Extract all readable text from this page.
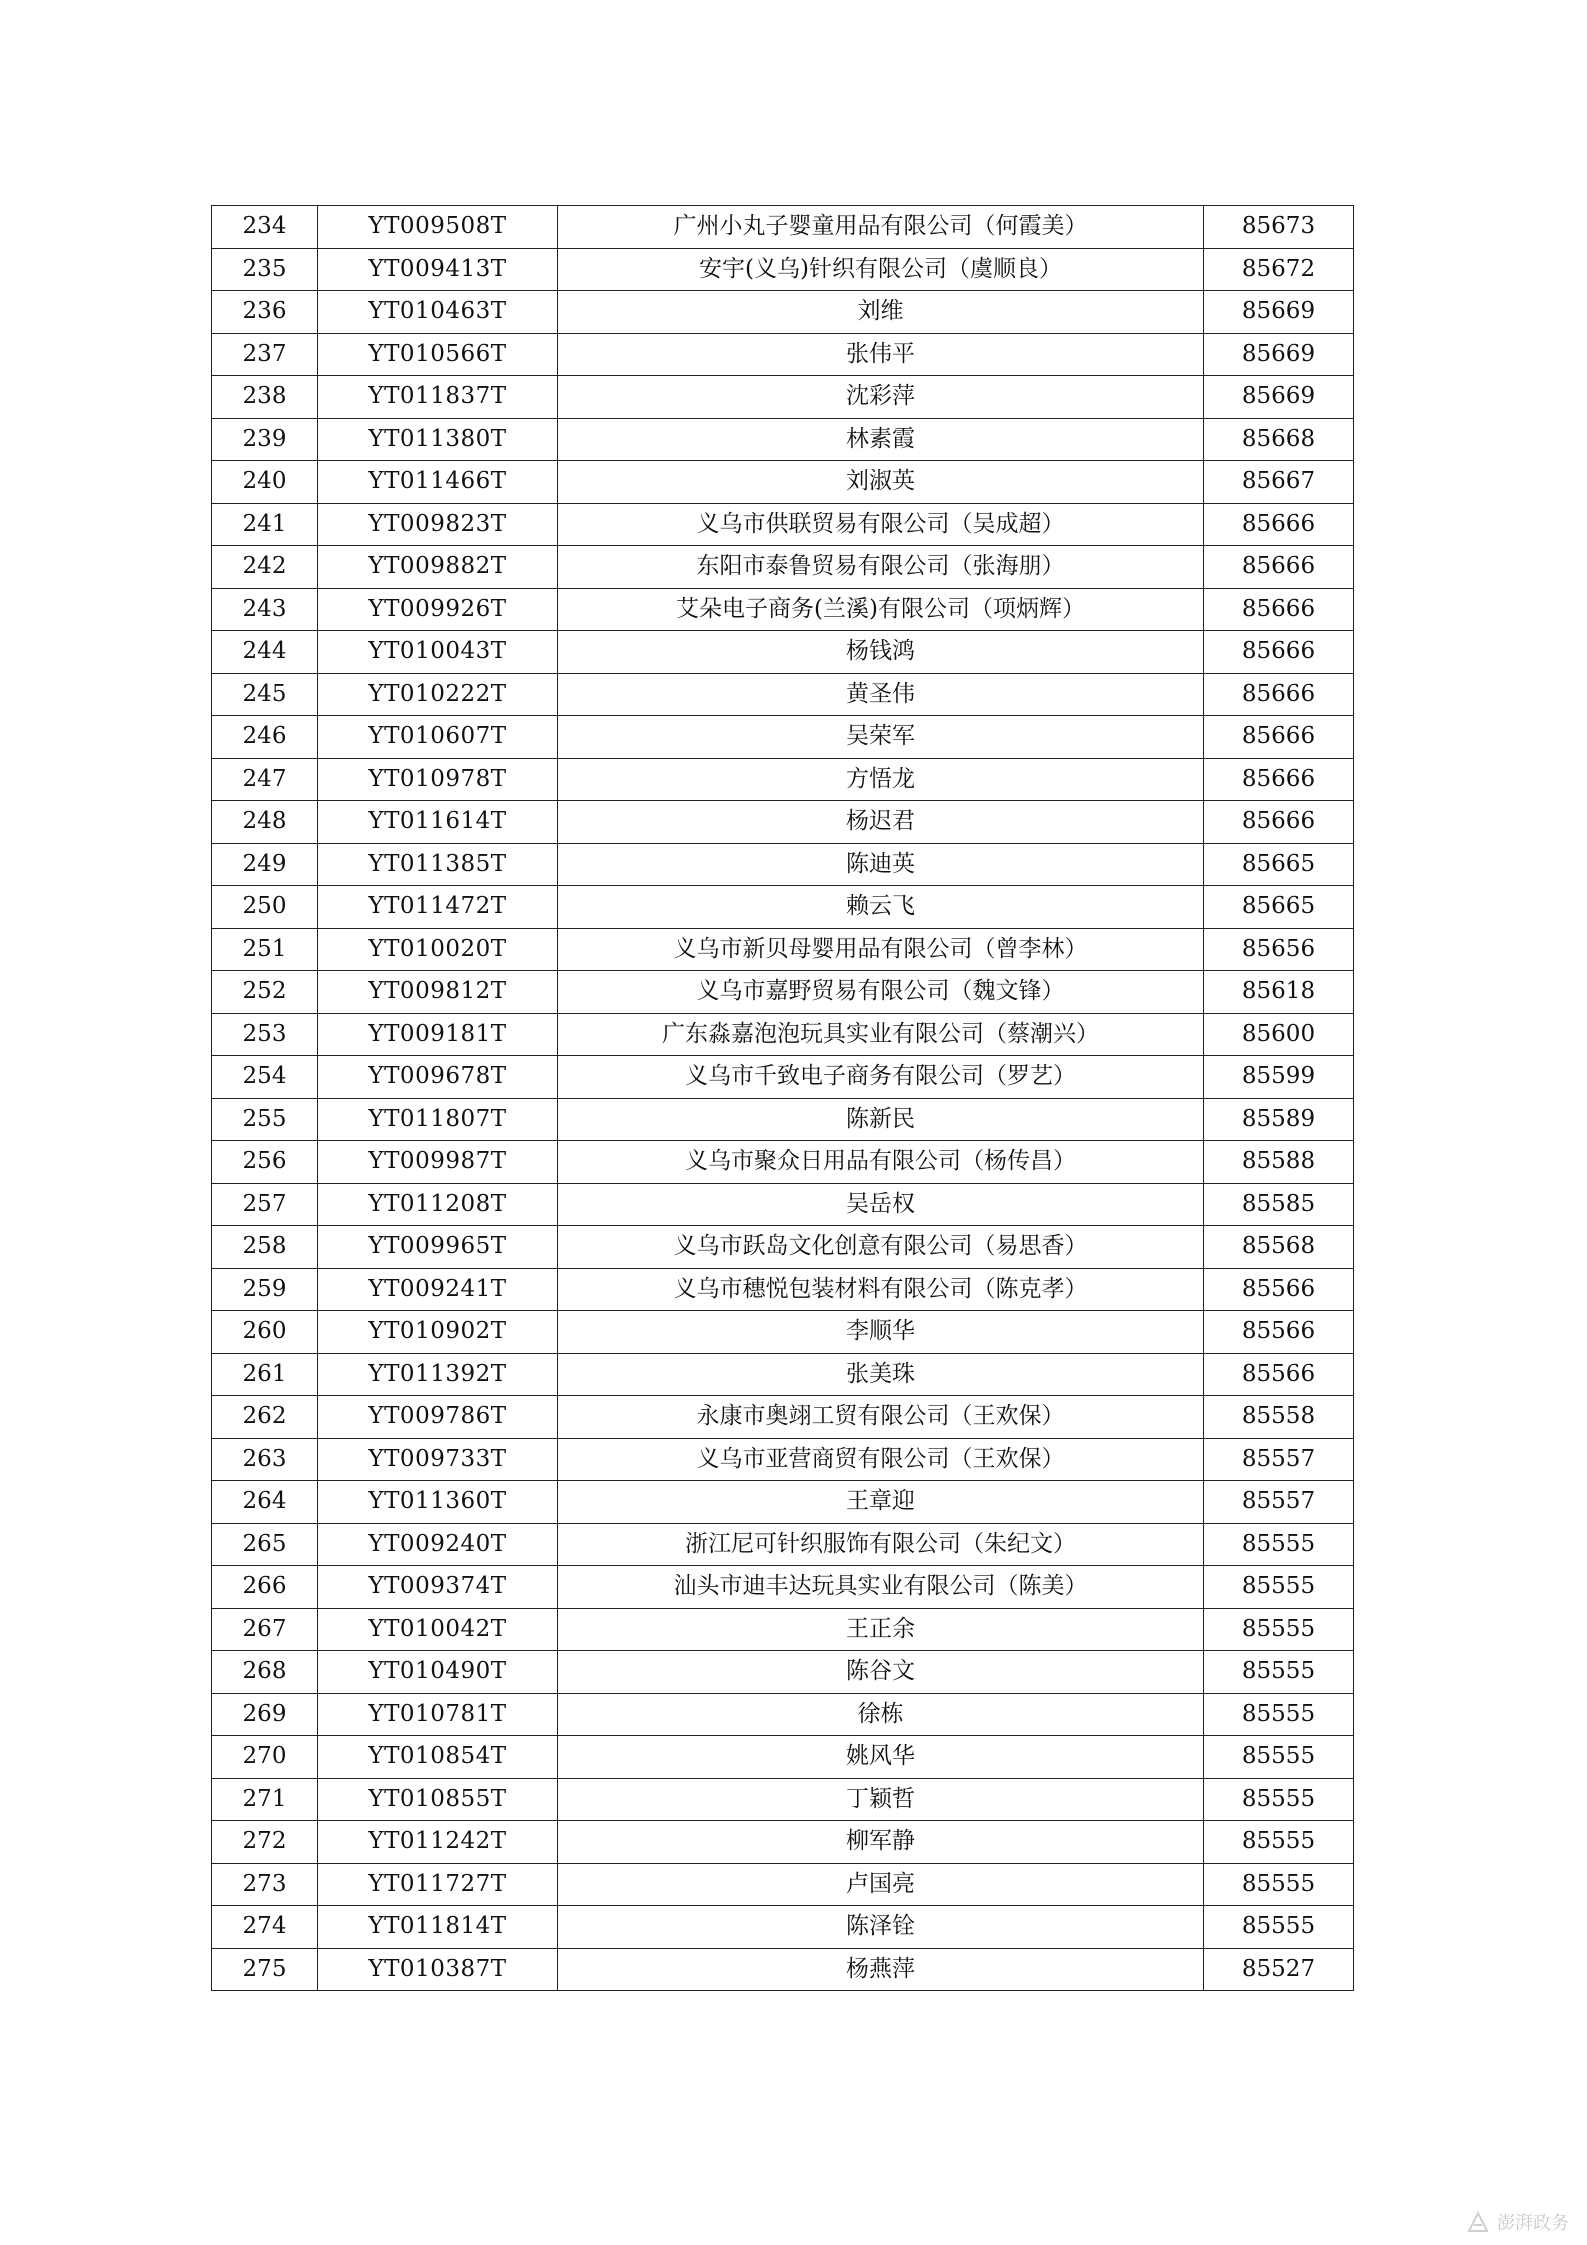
234	YT009508T	广州小丸子婴童用品有限公司（何霞美）	85673
235	YT009413T	安宇(义乌)针织有限公司（虞顺良）	85672
236	YT010463T	刘维	85669
237	YT010566T	张伟平	85669
238	YT011837T	沈彩萍	85669
239	YT011380T	林素霞	85668
240	YT011466T	刘淑英	85667
241	YT009823T	义乌市供联贸易有限公司（吴成超）	85666
242	YT009882T	东阳市泰鲁贸易有限公司（张海朋）	85666
243	YT009926T	艾朵电子商务(兰溪)有限公司（项炳辉）	85666
244	YT010043T	杨钱鸿	85666
245	YT010222T	黄圣伟	85666
246	YT010607T	吴荣军	85666
247	YT010978T	方悟龙	85666
248	YT011614T	杨迟君	85666
249	YT011385T	陈迪英	85665
250	YT011472T	赖云飞	85665
251	YT010020T	义乌市新贝母婴用品有限公司（曾李林）	85656
252	YT009812T	义乌市嘉野贸易有限公司（魏文锋）	85618
253	YT009181T	广东淼嘉泡泡玩具实业有限公司（蔡潮兴）	85600
254	YT009678T	义乌市千致电子商务有限公司（罗艺）	85599
255	YT011807T	陈新民	85589
256	YT009987T	义乌市聚众日用品有限公司（杨传昌）	85588
257	YT011208T	吴岳权	85585
258	YT009965T	义乌市跃岛文化创意有限公司（易思香）	85568
259	YT009241T	义乌市穗悦包装材料有限公司（陈克孝）	85566
260	YT010902T	李顺华	85566
261	YT011392T	张美珠	85566
262	YT009786T	永康市奥翊工贸有限公司（王欢保）	85558
263	YT009733T	义乌市亚营商贸有限公司（王欢保）	85557
264	YT011360T	王章迎	85557
265	YT009240T	浙江尼可针织服饰有限公司（朱纪文）	85555
266	YT009374T	汕头市迪丰达玩具实业有限公司（陈美）	85555
267	YT010042T	王正余	85555
268	YT010490T	陈谷文	85555
269	YT010781T	徐栋	85555
270	YT010854T	姚风华	85555
271	YT010855T	丁颖哲	85555
272	YT011242T	柳军静	85555
273	YT011727T	卢国亮	85555
274	YT011814T	陈泽铨	85555
275	YT010387T	杨燕萍	85527
澎湃政务
